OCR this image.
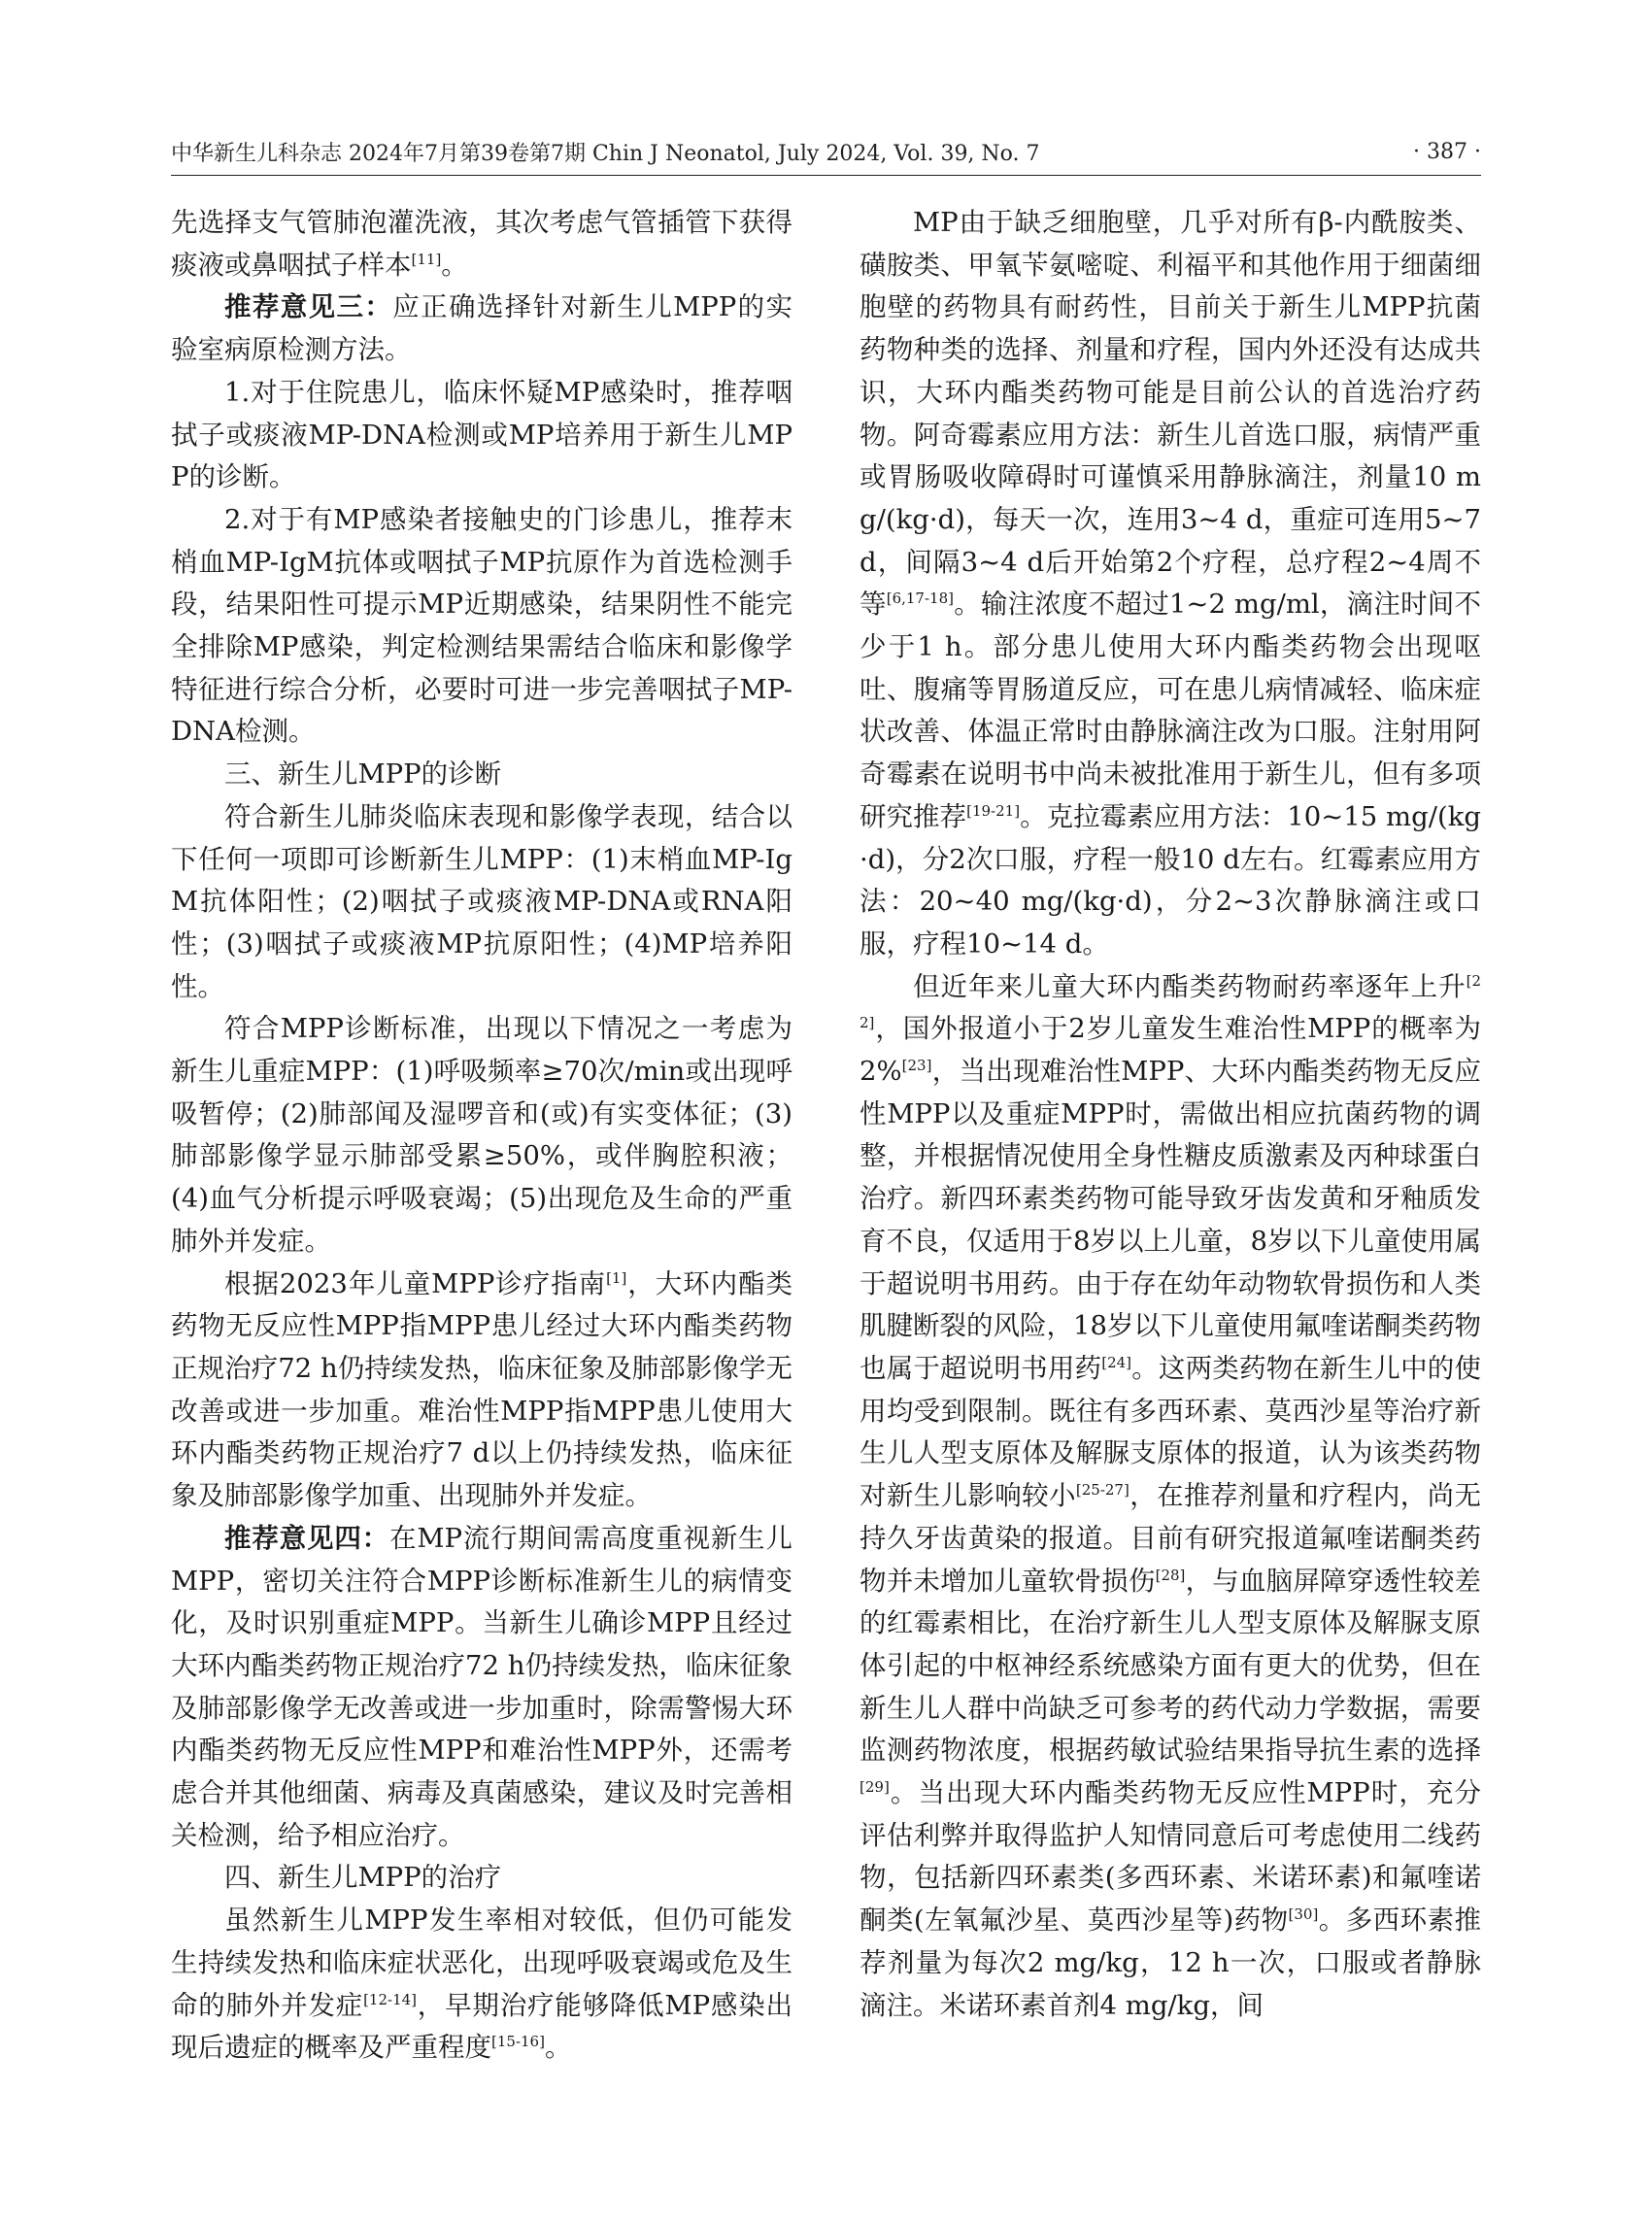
中华新生儿科杂志 2024年7月第39卷第7期 Chin J Neonatol, July 2024, Vol. 39, No. 7	· 387 ·

先选择支气管肺泡灌洗液，其次考虑气管插管下获得痰液或鼻咽拭子样本[11]。

推荐意见三：应正确选择针对新生儿MPP的实验室病原检测方法。

1.对于住院患儿，临床怀疑MP感染时，推荐咽拭子或痰液MP-DNA检测或MP培养用于新生儿MPP的诊断。

2.对于有MP感染者接触史的门诊患儿，推荐末梢血MP-IgM抗体或咽拭子MP抗原作为首选检测手段，结果阳性可提示MP近期感染，结果阴性不能完全排除MP感染，判定检测结果需结合临床和影像学特征进行综合分析，必要时可进一步完善咽拭子MP-DNA检测。

三、新生儿MPP的诊断

符合新生儿肺炎临床表现和影像学表现，结合以下任何一项即可诊断新生儿MPP：(1)末梢血MP-IgM抗体阳性；(2)咽拭子或痰液MP-DNA或RNA阳性；(3)咽拭子或痰液MP抗原阳性；(4)MP培养阳性。

符合MPP诊断标准，出现以下情况之一考虑为新生儿重症MPP：(1)呼吸频率≥70次/min或出现呼吸暂停；(2)肺部闻及湿啰音和(或)有实变体征；(3)肺部影像学显示肺部受累≥50%，或伴胸腔积液；(4)血气分析提示呼吸衰竭；(5)出现危及生命的严重肺外并发症。

根据2023年儿童MPP诊疗指南[1]，大环内酯类药物无反应性MPP指MPP患儿经过大环内酯类药物正规治疗72 h仍持续发热，临床征象及肺部影像学无改善或进一步加重。难治性MPP指MPP患儿使用大环内酯类药物正规治疗7 d以上仍持续发热，临床征象及肺部影像学加重、出现肺外并发症。

推荐意见四：在MP流行期间需高度重视新生儿MPP，密切关注符合MPP诊断标准新生儿的病情变化，及时识别重症MPP。当新生儿确诊MPP且经过大环内酯类药物正规治疗72 h仍持续发热，临床征象及肺部影像学无改善或进一步加重时，除需警惕大环内酯类药物无反应性MPP和难治性MPP外，还需考虑合并其他细菌、病毒及真菌感染，建议及时完善相关检测，给予相应治疗。

四、新生儿MPP的治疗

虽然新生儿MPP发生率相对较低，但仍可能发生持续发热和临床症状恶化，出现呼吸衰竭或危及生命的肺外并发症[12-14]，早期治疗能够降低MP感染出现后遗症的概率及严重程度[15-16]。

MP由于缺乏细胞壁，几乎对所有β-内酰胺类、磺胺类、甲氧苄氨嘧啶、利福平和其他作用于细菌细胞壁的药物具有耐药性，目前关于新生儿MPP抗菌药物种类的选择、剂量和疗程，国内外还没有达成共识，大环内酯类药物可能是目前公认的首选治疗药物。阿奇霉素应用方法：新生儿首选口服，病情严重或胃肠吸收障碍时可谨慎采用静脉滴注，剂量10 mg/(kg·d)，每天一次，连用3~4 d，重症可连用5~7 d，间隔3~4 d后开始第2个疗程，总疗程2~4周不等[6,17-18]。输注浓度不超过1~2 mg/ml，滴注时间不少于1 h。部分患儿使用大环内酯类药物会出现呕吐、腹痛等胃肠道反应，可在患儿病情减轻、临床症状改善、体温正常时由静脉滴注改为口服。注射用阿奇霉素在说明书中尚未被批准用于新生儿，但有多项研究推荐[19-21]。克拉霉素应用方法：10~15 mg/(kg·d)，分2次口服，疗程一般10 d左右。红霉素应用方法：20~40 mg/(kg·d)，分2~3次静脉滴注或口服，疗程10~14 d。

但近年来儿童大环内酯类药物耐药率逐年上升[22]，国外报道小于2岁儿童发生难治性MPP的概率为2%[23]，当出现难治性MPP、大环内酯类药物无反应性MPP以及重症MPP时，需做出相应抗菌药物的调整，并根据情况使用全身性糖皮质激素及丙种球蛋白治疗。新四环素类药物可能导致牙齿发黄和牙釉质发育不良，仅适用于8岁以上儿童，8岁以下儿童使用属于超说明书用药。由于存在幼年动物软骨损伤和人类肌腱断裂的风险，18岁以下儿童使用氟喹诺酮类药物也属于超说明书用药[24]。这两类药物在新生儿中的使用均受到限制。既往有多西环素、莫西沙星等治疗新生儿人型支原体及解脲支原体的报道，认为该类药物对新生儿影响较小[25-27]，在推荐剂量和疗程内，尚无持久牙齿黄染的报道。目前有研究报道氟喹诺酮类药物并未增加儿童软骨损伤[28]，与血脑屏障穿透性较差的红霉素相比，在治疗新生儿人型支原体及解脲支原体引起的中枢神经系统感染方面有更大的优势，但在新生儿人群中尚缺乏可参考的药代动力学数据，需要监测药物浓度，根据药敏试验结果指导抗生素的选择[29]。当出现大环内酯类药物无反应性MPP时，充分评估利弊并取得监护人知情同意后可考虑使用二线药物，包括新四环素类(多西环素、米诺环素)和氟喹诺酮类(左氧氟沙星、莫西沙星等)药物[30]。多西环素推荐剂量为每次2 mg/kg，12 h一次，口服或者静脉滴注。米诺环素首剂4 mg/kg，间
